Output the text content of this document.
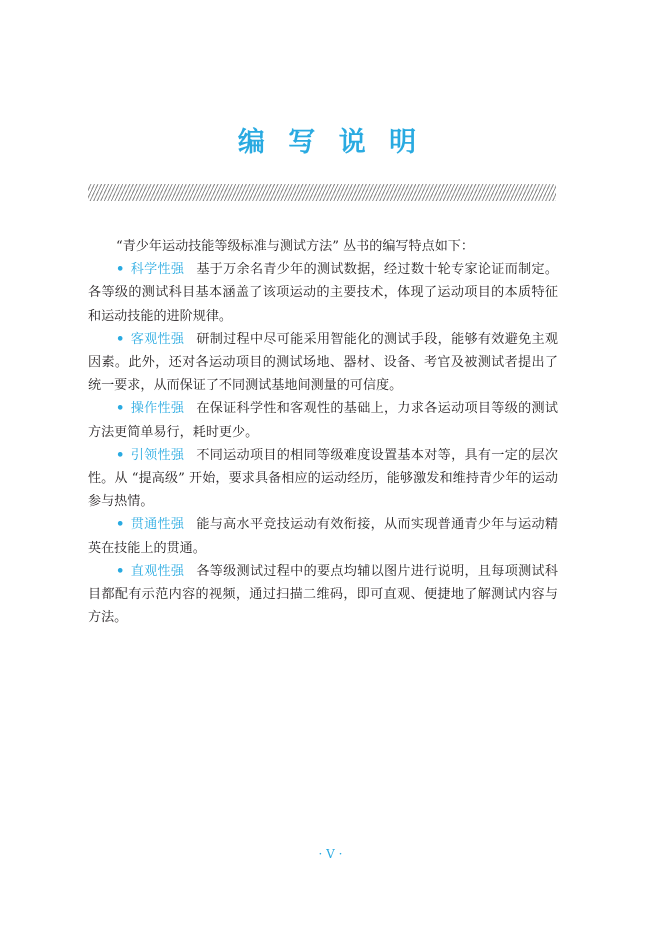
编 写 说 明

“青少年运动技能等级标准与测试方法” 丛书的编写特点如下：

• 科学性强 基于万余名青少年的测试数据，经过数十轮专家论证而制定。各等级的测试科目基本涵盖了该项运动的主要技术，体现了运动项目的本质特征和运动技能的进阶规律。

• 客观性强 研制过程中尽可能采用智能化的测试手段，能够有效避免主观因素。此外，还对各运动项目的测试场地、器材、设备、考官及被测试者提出了统一要求，从而保证了不同测试基地间测量的可信度。

• 操作性强 在保证科学性和客观性的基础上，力求各运动项目等级的测试方法更简单易行，耗时更少。

• 引领性强 不同运动项目的相同等级难度设置基本对等，具有一定的层次性。从 “提高级” 开始，要求具备相应的运动经历，能够激发和维持青少年的运动参与热情。

• 贯通性强 能与高水平竞技运动有效衔接，从而实现普通青少年与运动精英在技能上的贯通。

• 直观性强 各等级测试过程中的要点均辅以图片进行说明，且每项测试科目都配有示范内容的视频，通过扫描二维码，即可直观、便捷地了解测试内容与方法。

· V ·
